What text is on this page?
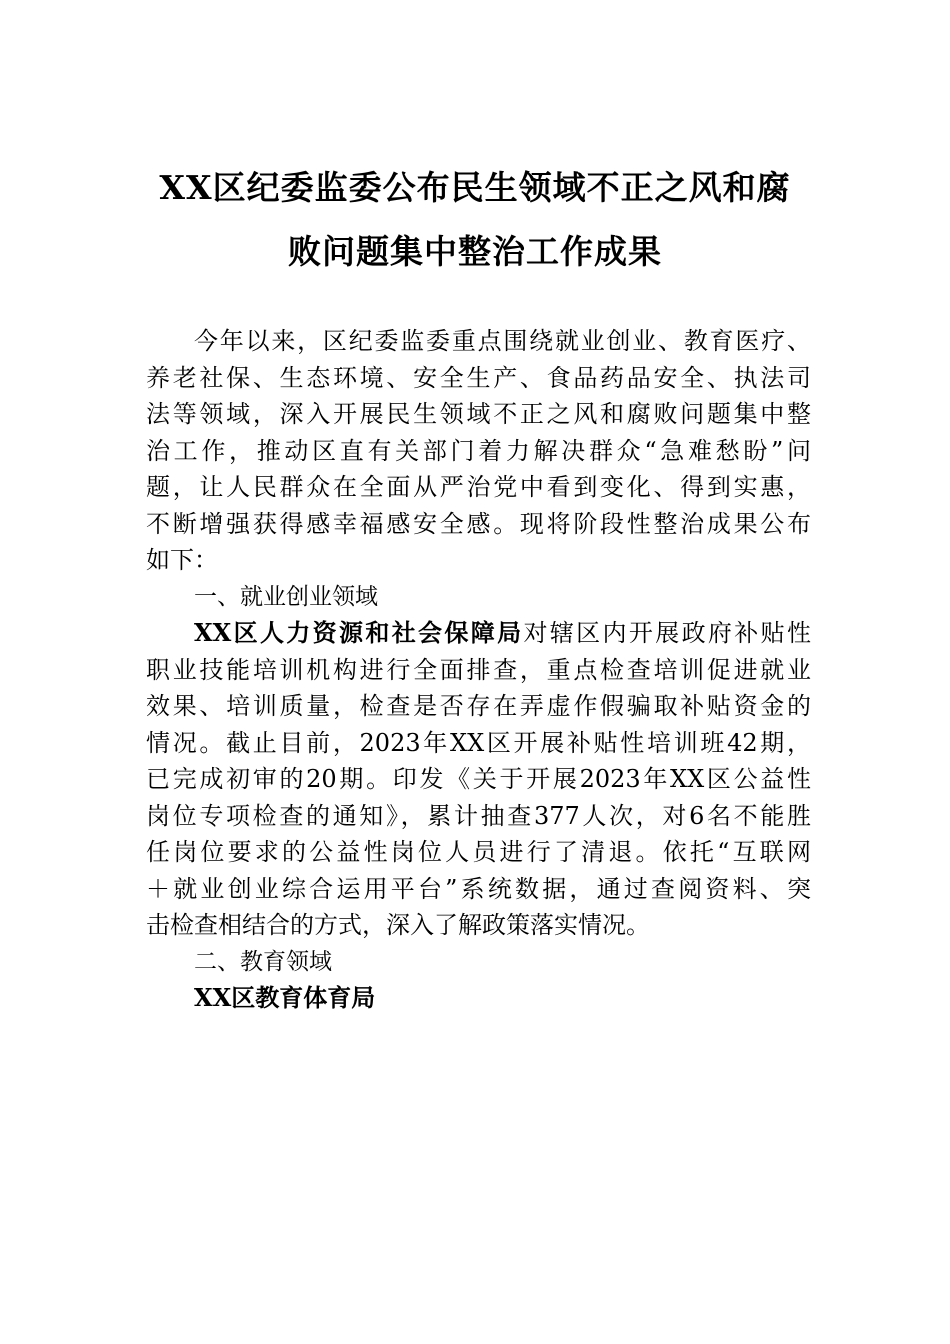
XX区纪委监委公布民生领域不正之风和腐
败问题集中整治工作成果
今年以来，区纪委监委重点围绕就业创业、教育医疗、
养老社保、生态环境、安全生产、食品药品安全、执法司
法等领域，深入开展民生领域不正之风和腐败问题集中整
治工作，推动区直有关部门着力解决群众“急难愁盼”问
题，让人民群众在全面从严治党中看到变化、得到实惠，
不断增强获得感幸福感安全感。现将阶段性整治成果公布
如下：
一、就业创业领域
XX区人力资源和社会保障局对辖区内开展政府补贴性
职业技能培训机构进行全面排查，重点检查培训促进就业
效果、培训质量，检查是否存在弄虚作假骗取补贴资金的
情况。截止目前，2023年XX区开展补贴性培训班42期，
已完成初审的20期。印发《关于开展2023年XX区公益性
岗位专项检查的通知》，累计抽查377人次，对6名不能胜
任岗位要求的公益性岗位人员进行了清退。依托“互联网
＋就业创业综合运用平台”系统数据，通过查阅资料、突
击检查相结合的方式，深入了解政策落实情况。
二、教育领域
XX区教育体育局
